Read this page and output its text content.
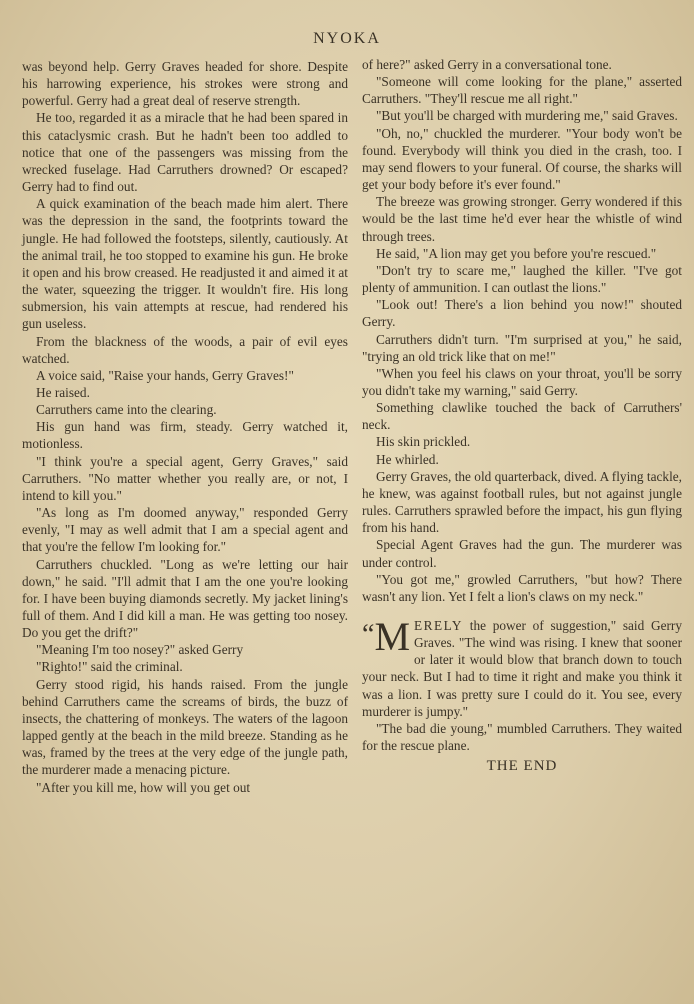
NYOKA

was beyond help. Gerry Graves headed for shore. Despite his harrowing experience, his strokes were strong and powerful. Gerry had a great deal of reserve strength.

He too, regarded it as a miracle that he had been spared in this cataclysmic crash. But he hadn't been too addled to notice that one of the passengers was missing from the wrecked fuselage. Had Carruthers drowned? Or escaped? Gerry had to find out.

A quick examination of the beach made him alert. There was the depression in the sand, the footprints toward the jungle. He had followed the footsteps, silently, cautiously. At the animal trail, he too stopped to examine his gun. He broke it open and his brow creased. He readjusted it and aimed it at the water, squeezing the trigger. It wouldn't fire. His long submersion, his vain attempts at rescue, had rendered his gun useless.

From the blackness of the woods, a pair of evil eyes watched.

A voice said, "Raise your hands, Gerry Graves!"

He raised.

Carruthers came into the clearing.

His gun hand was firm, steady. Gerry watched it, motionless.

"I think you're a special agent, Gerry Graves," said Carruthers. "No matter whether you really are, or not, I intend to kill you."

"As long as I'm doomed anyway," responded Gerry evenly, "I may as well admit that I am a special agent and that you're the fellow I'm looking for."

Carruthers chuckled. "Long as we're letting our hair down," he said. "I'll admit that I am the one you're looking for. I have been buying diamonds secretly. My jacket lining's full of them. And I did kill a man. He was getting too nosey. Do you get the drift?"

"Meaning I'm too nosey?" asked Gerry

"Righto!" said the criminal.

Gerry stood rigid, his hands raised. From the jungle behind Carruthers came the screams of birds, the buzz of insects, the chattering of monkeys. The waters of the lagoon lapped gently at the beach in the mild breeze. Standing as he was, framed by the trees at the very edge of the jungle path, the murderer made a menacing picture.

"After you kill me, how will you get out

of here?" asked Gerry in a conversational tone.

"Someone will come looking for the plane," asserted Carruthers. "They'll rescue me all right."

"But you'll be charged with murdering me," said Graves.

"Oh, no," chuckled the murderer. "Your body won't be found. Everybody will think you died in the crash, too. I may send flowers to your funeral. Of course, the sharks will get your body before it's ever found."

The breeze was growing stronger. Gerry wondered if this would be the last time he'd ever hear the whistle of wind through trees.

He said, "A lion may get you before you're rescued."

"Don't try to scare me," laughed the killer. "I've got plenty of ammunition. I can outlast the lions."

"Look out! There's a lion behind you now!" shouted Gerry.

Carruthers didn't turn. "I'm surprised at you," he said, "trying an old trick like that on me!"

"When you feel his claws on your throat, you'll be sorry you didn't take my warning," said Gerry.

Something clawlike touched the back of Carruthers' neck.

His skin prickled.

He whirled.

Gerry Graves, the old quarterback, dived. A flying tackle, he knew, was against football rules, but not against jungle rules. Carruthers sprawled before the impact, his gun flying from his hand.

Special Agent Graves had the gun. The murderer was under control.

"You got me," growled Carruthers, "but how? There wasn't any lion. Yet I felt a lion's claws on my neck."

“ M ERELY the power of suggestion," said Gerry Graves. "The wind was rising. I knew that sooner or later it would blow that branch down to touch your neck. But I had to time it right and make you think it was a lion. I was pretty sure I could do it. You see, every murderer is jumpy."

"The bad die young," mumbled Carruthers. They waited for the rescue plane.

THE END
